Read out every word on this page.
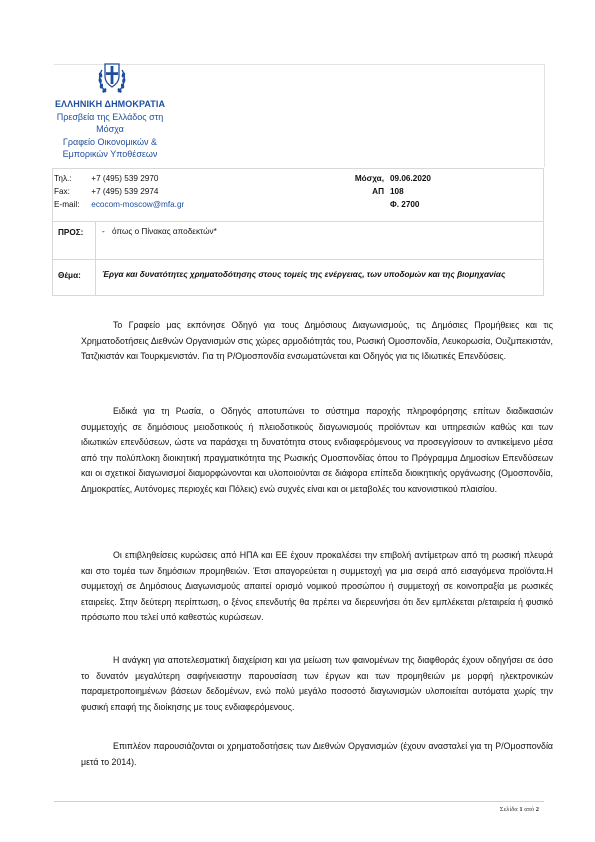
ΕΛΛΗΝΙΚΗ ΔΗΜΟΚΡΑΤΙΑ
Πρεσβεία της Ελλάδος στη Μόσχα
Γραφείο Οικονομικών &
Εμπορικών Υποθέσεων
Τηλ.: +7 (495) 539 2970
Fax:	+7 (495) 539 2974
E-mail: ecocom-moscow@mfa.gr
Μόσχα,
ΑΠ
09.06.2020
108
Φ. 2700
ΠΡΟΣ: - όπως ο Πίνακας αποδεκτών*
Θέμα:	Έργα και δυνατότητες χρηματοδότησης στους τομείς της ενέργειας, των υποδομών και της βιομηχανίας

Το Γραφείο μας εκπόνησε Οδηγό για τους Δημόσιους Διαγωνισμούς, τις Δημόσιες Προμήθειες και τις Χρηματοδοτήσεις Διεθνών Οργανισμών στις χώρες αρμοδιότητάς του, Ρωσική Ομοσπονδία, Λευκορωσία, Ουζμπεκιστάν, Τατζικιστάν και Τουρκμενιστάν. Για τη Ρ/Ομοσπονδία ενσωματώνεται και Οδηγός για τις Ιδιωτικές Επενδύσεις.

Ειδικά για τη Ρωσία, ο Οδηγός αποτυπώνει το σύστημα παροχής πληροφόρησης επίτων διαδικασιών συμμετοχής σε δημόσιους μειοδοτικούς ή πλειοδοτικούς διαγωνισμούς προϊόντων και υπηρεσιών καθώς και των ιδιωτικών επενδύσεων, ώστε να παράσχει τη δυνατότητα στους ενδιαφερόμενους να προσεγγίσουν το αντικείμενο μέσα από την πολύπλοκη διοικητική πραγματικότητα της Ρωσικής Ομοσπονδίας όπου το Πρόγραμμα Δημοσίων Επενδύσεων και οι σχετικοί διαγωνισμοί διαμορφώνονται και υλοποιούνται σε διάφορα επίπεδα διοικητικής οργάνωσης (Ομοσπονδία, Δημοκρατίες, Αυτόνομες περιοχές και Πόλεις) ενώ συχνές είναι και οι μεταβολές του κανονιστικού πλαισίου.

Οι επιβληθείσεις κυρώσεις από ΗΠΑ και ΕΕ έχουν προκαλέσει την επιβολή αντίμετρων από τη ρωσική πλευρά και στο τομέα των δημόσιων προμηθειών. Έτσι απαγορεύεται η συμμετοχή για μια σειρά από εισαγόμενα προϊόντα.Η συμμετοχή σε Δημόσιους Διαγωνισμούς απαιτεί ορισμό νομικού προσώπου ή συμμετοχή σε κοινοπραξία με ρωσικές εταιρείες. Στην δεύτερη περίπτωση, ο ξένος επενδυτής θα πρέπει να διερευνήσει ότι δεν εμπλέκεται ρ/εταιρεία ή φυσικό πρόσωπο που τελεί υπό καθεστώς κυρώσεων.

Η ανάγκη για αποτελεσματική διαχείριση και για μείωση των φαινομένων της διαφθοράς έχουν οδηγήσει σε όσο το δυνατόν μεγαλύτερη σαφήνειαστην παρουσίαση των έργων και των προμηθειών με μορφή ηλεκτρονικών παραμετροποιημένων βάσεων δεδομένων, ενώ πολύ μεγάλο ποσοστό διαγωνισμών υλοποιείται αυτόματα χωρίς την φυσική επαφή της διοίκησης με τους ενδιαφερόμενους.

Επιπλέον παρουσιάζονται οι χρηματοδοτήσεις των Διεθνών Οργανισμών (έχουν ανασταλεί για τη Ρ/Ομοσπονδία μετά το 2014).

Σελίδα 1 από 2
